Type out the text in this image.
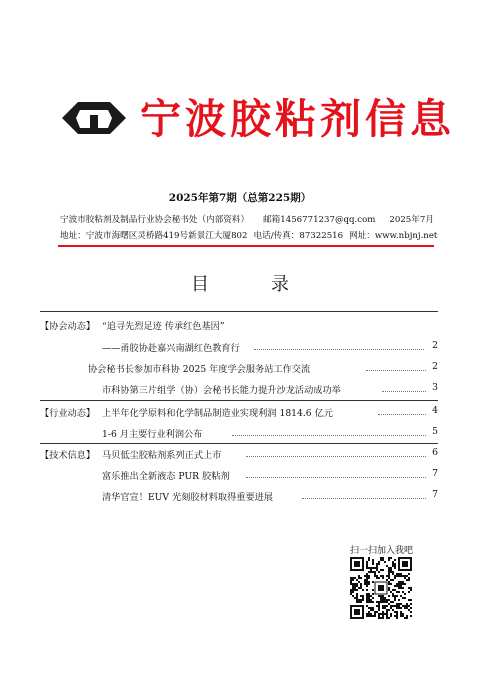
宁波胶粘剂信息
2025年第7期（总第225期）
宁波市胶粘剂及制品行业协会秘书处（内部资料） 邮箱1456771237@qq.com 2025年7月
地址：宁波市海曙区灵桥路419号新景江大厦802 电话/传真：87322516 网址：www.nbjnj.net
目　录
【协会动态】 “追寻先烈足迹 传承红色基因”
——甬胶协赴嘉兴南湖红色教育行	2
协会秘书长参加市科协 2025 年度学会服务站工作交流	2
市科协第三片组学（协）会秘书长能力提升沙龙活动成功举	3
【行业动态】 上半年化学原料和化学制品制造业实现利润 1814.6 亿元	4
1-6 月主要行业利润公布	5
【技术信息】 马贝低尘胶粘剂系列正式上市	6
富乐推出全新液态 PUR 胶粘剂	7
清华官宣！EUV 光刻胶材料取得重要进展	7
扫一扫加入我吧
